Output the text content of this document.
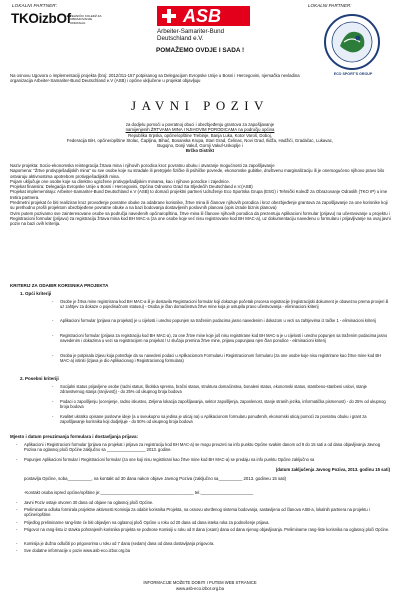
LOKALNI PARTNER:	LOKALNI PARTNER:
TKOizbOf TEHNIČKI KOLEDŽ ZA OBRAZOVANJE ODRASLIH	ASB
Arbeiter-Samariter-Bund
Deutschland e.V.
POMAŽEMO OVDJE I SADA !
ECO SPORT'S GROUP
Na osnovu Ugovora o implementaciji projekta (broj: 2012/311-157 potpisanog sa Delegacijom Evropske Unije u Bosni i Hercegovini, njemačka nevladina organizacija Arbeiter-Samariter-Bund Deutschland e.V (ASB) i općine uključene u projekat objavljuju
JAVNI POZIV
za dodjelu pomoći u povratnoj obuci i obezbjeđenju grantova za zapošljavanje
namijenjenih ŽRTVAMA MINA I NJIHOVIM PORODICAMA na području općina
Republika Srpska, općine/opštine Trebinje, Banja Luka, Kotor Varoš, Doboj,
Federacija BiH, općine/opštine Stolac, Čapljina, Bihać, Bosanska Krupa, Stari Grad, Čelinac, Novi Grad, Ilidža, Hadžići, Gradačac, Lukavac,
Bugojno, Donji Vakuf, Gornji Vakuf-Uskoplje i
Brčko Distrikt
Naziv projekta: Socio-ekonomska reintegracija žrtava mina i njihovih porodica kroz povratnu obuku i otvaranje mogućnosti za zapošljavanje
Napomena: "Žrtve protivpješadijskih mina" su sve osobe koje su stradale ili pretrpjele fizičke ili psihičke povrede, ekonomske gubitke, društvenu marginalizaciju ili je onemogućeno njihovo pravo bilo ostvaruju aktivnostima upotrebom protivpješadijskih mina.
Pojam uključuje one osobe koje su direktno ugrožene protivpješadijskim minama, kao i njihove porodice i zajednice.
Projekat finansira: Delegacija Evropske Unije u Bosni i Hercegovini, Općina Odnosno Grad Sa Sljedećih Deutschland e.V.(ASB)
Projekat implementiraju: Arbeiter-Samariter-Bund Deutschland e.V (ASB) to domaći projektni partneri Udruženje Eco Sportska Grupa (ESG) i Tehnički Koledž za Obrazovanje Odraslih (TKO IP) u ime tretira partnera.
Predmetni projekat će biti realiziran kroz provođenje povratne obuke za odabrane korisnike, žrtve mina ili članove njihovih porodica i kroz obezbjeđenje grantova za zapošljavanje za one korisnike koji su prethodno prošli projektom obezbijeđene povratne obuke a na bazi bodovanja dostavljenih poslovnih planova (opis izrade biznis planova)
Ovim putem pozivamo sve zainteresovane osobe sa područja navedenih općina/opština, žrtve mina ili članove njihovih porodica da prezentuju Aplikacioni formular (prijavu) na učestvovanje u projektu i Registracioni formular (prijavu) za registraciju žrtava mina kod BH MAC-a (za one osobe koje već nisu registrovane kod BH MAC-a), uz dokumentaciju navedenu u formularu i prijavljivanje na ovaj javni poziv na bazi ovih kriterija.
KRITERIJ ZA ODABIR KORISNIKA PROJEKTA
1. Opći kriteriji
- Osobe je žrtva mine registrirana kod BH MAC-a ili je dostavila Registracioni formular koji dokazuje početak procesa registracije (registracijski dokument je obavezno prema provjeri ili uz zahtjev za dokaze o pojedinačnom statusu) - Osoba je član domaćinstva žrtve mine koja je ustupila pravo učestvovanja - eliminacioni kriterij
- Aplikacioni formular (prijava na projekat) je u cijelosti i uredno popunjen sa traženim podacima jasno navedenim i dokazom u vezi sa zahtjevima iz tačke 1 - eliminacioni kriterij
- Registracioni formular (prijava za registraciju kod BH MAC-a), za one žrtve mine koje još nisu registrirane kod BH MAC-a je u cijelosti i uredno popunjen sa traženim podacima jasno navedenim i dokazima u vezi sa registracijom na projekat / U slučaju premina žrtve mine, prijavu popunjava njen član porodice - eliminacioni kriterij
- Osoba je potpisala izjavu koja potvrđuje da su navedeni podaci u Aplikacionom Formularu i Registracionom formularu (za one osobe koje nisu registrirane kao žrtve mine kod BH MAC-a) istiniti (izjava je dio Aplikacionog i Registracionog formulara)
2. Posebni kriteriji
- Socijalni status prijavljene osobe (radni status, školska sprema, bračni status, struktura domaćinstva, bonaleni status, ekonomski status, stambeno-stanbeni uslovi, stanje zdravstvenog stanja (ranjivost)) - do 25% od ukupnog broja bodova
- Podaci o zapošljenju (ocenjenje, radno iskustvo, Zeljena lokacija zapošljavanja, sektor zapošljenja, zaposlenost, stanje stranih jezika, informatička pismenost) - do 25% od ukupnog broja bodova
- Kvalitet ukratko opisane poslovne ideje (a u sveukupno sa jedina je uticaj na) u Aplikacionom formularu ponuđenih, ekonomski uticaj pomoći za povratnu obuku i grant za zapošljavanje korisnika koji dodjeljuje - do 50% od ukupnog broja bodova
Mjesto i datum preuzimanja formulara i dostavljanja prijava:
- Aplikacioni i Registracioni formular (prijava na projekat i prijava za registraciju kod BH MAC-a) se mogu preuzeti na info punktu Općine svakim danom od 8 do 15 sati a od dana objavljivanja Javnog Poziva na oglasnoj ploči Općine zaključno sa _________________ 2013. godine.
- Popunjen Aplikacioni formular i Registracioni formular (za one koji nisu registrirani kao žrtve mine kod BH MAC-a) se predaju na info punktu Općine zaključno sa
(datum zaključenja Javnog Poziva, 2013. godinu 15 sati)
postavlja Općine, soba__________, na kontakt od 30 dana nakon objave Javnog Poziva (zaključno sa__________ 2013. godineu 15 sati)
-Kontakt osoba ispred općine/opštine je:_______________________________________ tel.______________________
- Javni Poziv ostaje otvoren 30 dana od objave na oglasnoj ploči Općine.
- Preliminarna odluka formirala projektne aktivnosti Komisija za odabir korisnika Projekta, na osnovu utvrđenog sistema bodovanja, sastavljena od članova ASB-a, lokalnih partnera na projektu i općine/opštine.
- Prijedlog preliminarne rang-liste će biti objavljen na oglasnoj ploči Općine u roku od 20 dana od dana isteka roka za podnošenje prijava.
- Prigovor na rang-listu iz stavka pohranjenih korisnika projekta se podnose Komisiji u roku od 8 dana (osam) dana od dana njenog objavljivanja. Preliminarne rang-liste korisnika na oglasnoj ploči Općine.
- Komisija je dužna odlučiti po prigovorima u roku od 7 dana (sedam) dana od dana dostavljanja prigovora.
- Sve dodatne informacije o poziv www.asb-eco.izbor.org.ba
INFORMACIJE MOŽETE DOBITI I PUTEM WEB STRANICE
www.asb-eco.izbor.org.ba
